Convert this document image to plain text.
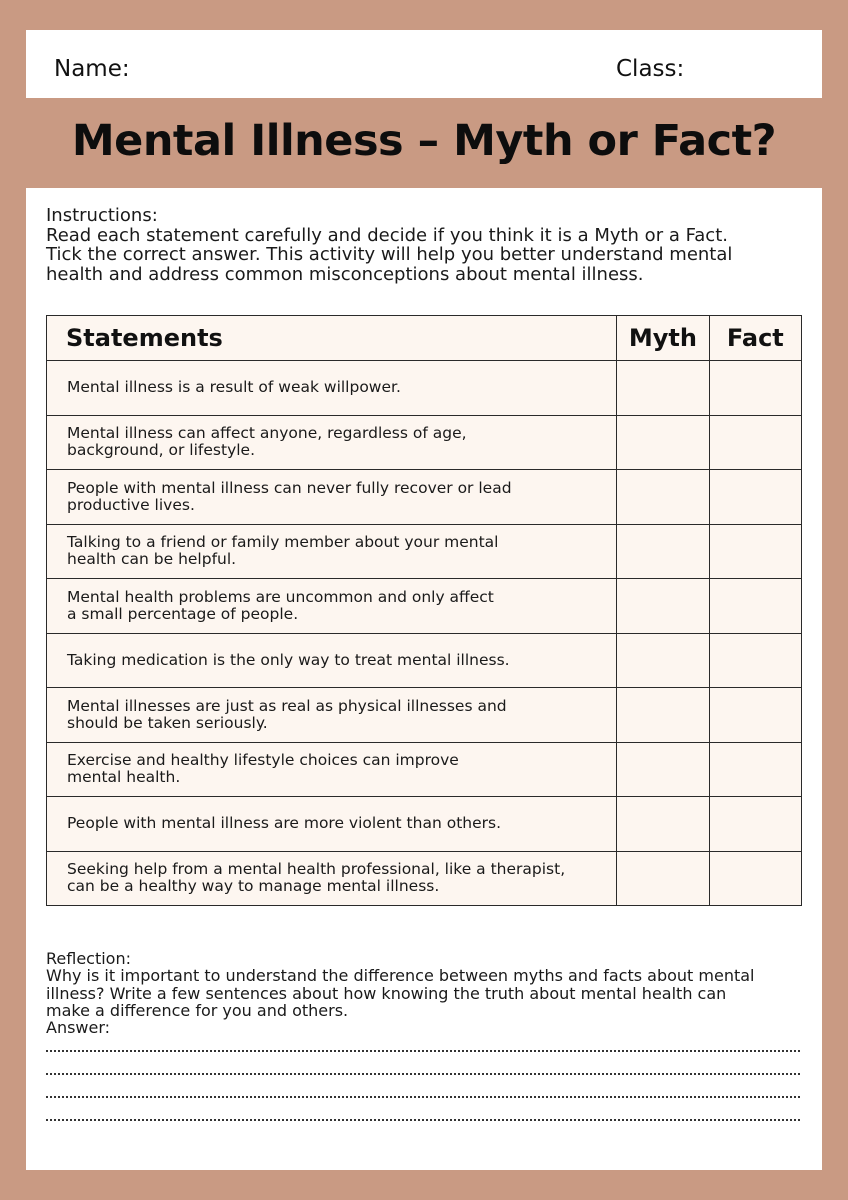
Name:	Class:
Mental Illness – Myth or Fact?
Instructions:
Read each statement carefully and decide if you think it is a Myth or a Fact.
Tick the correct answer. This activity will help you better understand mental
health and address common misconceptions about mental illness.
Statements	Myth	Fact

Mental illness is a result of weak willpower.		

Mental illness can affect anyone, regardless of age,
background, or lifestyle.		

People with mental illness can never fully recover or lead
productive lives.		

Talking to a friend or family member about your mental
health can be helpful.		

Mental health problems are uncommon and only affect
a small percentage of people.		

Taking medication is the only way to treat mental illness.		

Mental illnesses are just as real as physical illnesses and
should be taken seriously.		

Exercise and healthy lifestyle choices can improve
mental health.		

People with mental illness are more violent than others.		

Seeking help from a mental health professional, like a therapist,
can be a healthy way to manage mental illness.		

Reflection:
Why is it important to understand the difference between myths and facts about mental
illness? Write a few sentences about how knowing the truth about mental health can
make a difference for you and others.
Answer:
